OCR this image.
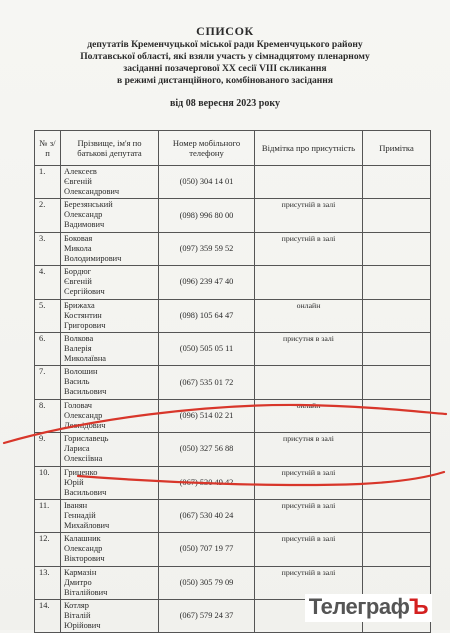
СПИСОК
депутатів Кременчуцької міської ради Кременчуцького району
Полтавської області, які взяли участь у сімнадцятому пленарному
засіданні позачергової XX сесії VIII скликання
в режимі дистанційного, комбінованого засідання
від 08 вересня 2023 року
№ з/п	Прізвище, ім'я по батькові депутата	Номер мобільного телефону	Відмітка про присутність	Примітка
1.	Алексеєв
Євгеній
Олександрович	(050) 304 14 01		
2.	Березянський
Олександр
Вадимович	(098) 996 80 00	присутній в залі	
3.	Боковая
Микола
Володимирович	(097) 359 59 52	присутній в залі	
4.	Бордюг
Євгеній
Сергійович	(096) 239 47 40		
5.	Брижаха
Костянтин
Григорович	(098) 105 64 47	онлайн	
6.	Волкова
Валерія
Миколаївна	(050) 505 05 11	присутня в залі	
7.	Волошин
Василь
Васильович	(067) 535 01 72		
8.	Головач
Олександр
Леонідович	(096) 514 02 21	онлайн	
9.	Гориславець
Лариса
Олексіївна	(050) 327 56 88	присутня в залі	
10.	Гриценко
Юрій
Васильович	(067) 530 49 42	присутній в залі	
11.	Іванян
Геннадій
Михайлович	(067) 530 40 24	присутній в залі	
12.	Калашник
Олександр
Вікторович	(050) 707 19 77	присутній в залі	
13.	Кармазін
Дмитро
Віталійович	(050) 305 79 09	присутній в залі	
14.	Котляр
Віталій
Юрійович	(067) 579 24 37			ТелеграфЪ
